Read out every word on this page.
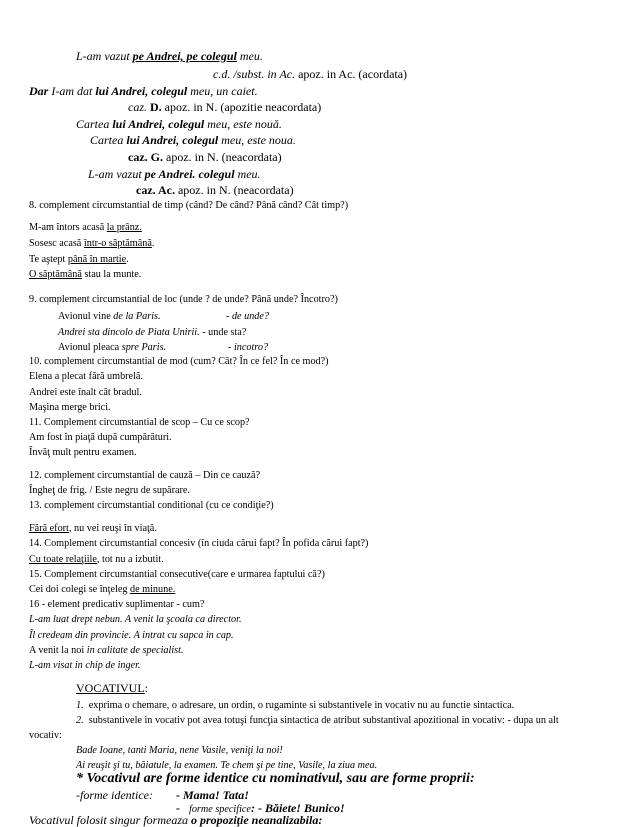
L-am vazut pe Andrei, pe colegul meu.
c.d. /subst. in Ac. apoz. in Ac. (acordata)
Dar I-am dat lui Andrei, colegul meu, un caiet.
caz. D. apoz. in N. (apozitie neacordata)
Cartea lui Andrei, colegul meu, este nouă.
Cartea lui Andrei, colegul meu, este noua.
caz. G. apoz. in N. (neacordata)
L-am vazut pe Andrei. colegul meu.
caz. Ac. apoz. in N. (neacordata)
8. complement circumstantial de timp (când? De când? Până când? Cât timp?)
M-am întors acasă la prânz.
Sosesc acasă într-o săptămână.
Te aştept până în martie.
O săptămână stau la munte.
9. complement circumstantial de loc (unde ? de unde? Până unde? Încotro?)
Avionul vine de la Paris.	- de unde?
Andrei sta dincolo de Piata Unirii. - unde sta?
Avionul pleaca spre Paris.	- incotro?
10. complement circumstantial de mod (cum? Cât? În ce fel? În ce mod?)
Elena a plecat fără umbrelă.
Andrei este înalt cât bradul.
Maşina merge brici.
11. Complement circumstantial de scop – Cu ce scop?
Am fost în piaţă după cumpărături.
Învăţ mult pentru examen.
12. complement circumstantial de cauză – Din ce cauză?
Îngheţ de frig. / Este negru de supărare.
13. complement circumstantial conditional (cu ce condiţie?)
Fără efort, nu vei reuşi în viaţă.
14. Complement circumstantial concesiv (în ciuda cărui fapt? În pofida cărui fapt?)
Cu toate relaţiile, tot nu a izbutit.
15. Complement circumstantial consecutive(care e urmarea faptului că?)
Cei doi colegi se înţeleg de minune.
16 - element predicativ suplimentar - cum?
L-am luat drept nebun. A venit la şcoala ca director.
Îl credeam din provincie. A intrat cu sapca in cap.
A venit la noi in calitate de specialist.
L-am visat in chip de inger.
VOCATIVUL:
1. exprima o chemare, o adresare, un ordin, o rugaminte si substantivele in vocativ nu au functie sintactica.
2. substantivele in vocativ pot avea totuşi funcţia sintactica de atribut substantival apozitional in vocativ: - dupa un alt
vocativ:
Bade Ioane, tanti Maria, nene Vasile, veniţi la noi!
Ai reuşit şi tu, băiatule, la examen. Te chem şi pe tine, Vasile, la ziua mea.
* Vocativul are forme identice cu nominativul, sau are forme proprii:
-forme identice: - Mama! Tata!
- forme specifice: - Băiete! Bunico!
Vocativul folosit singur formeaza o propoziţie neanalizabila:
